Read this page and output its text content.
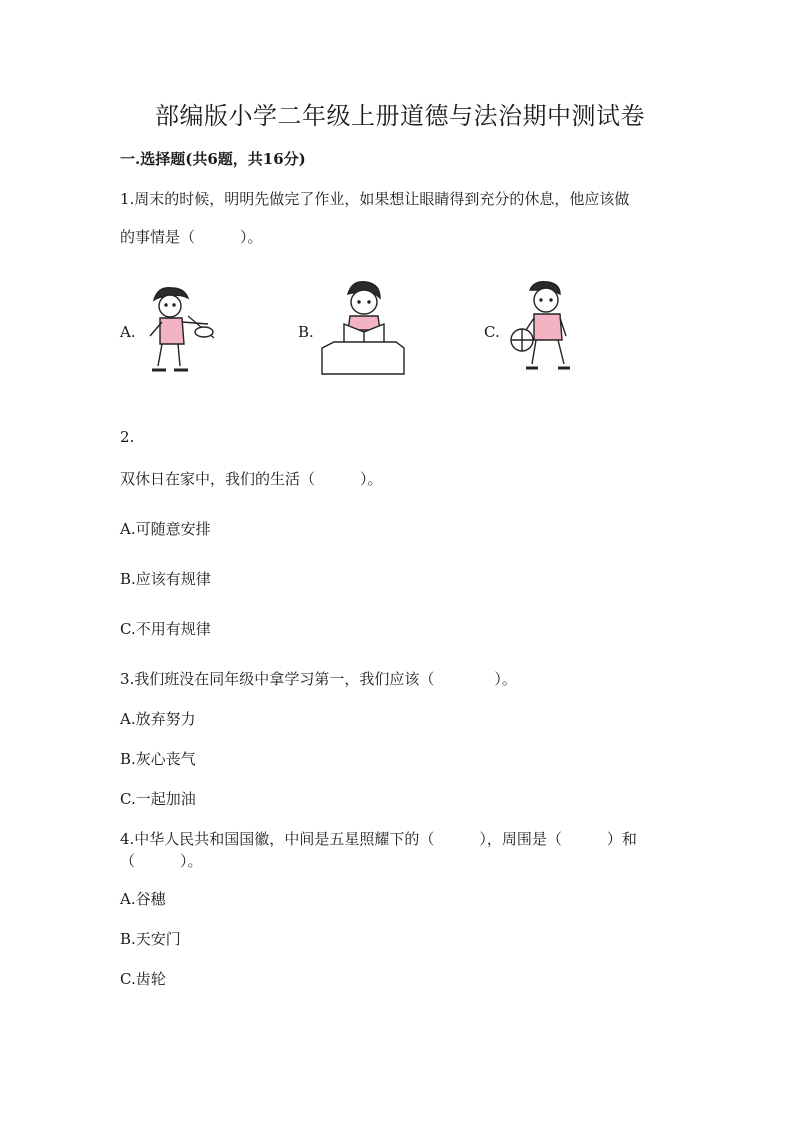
部编版小学二年级上册道德与法治期中测试卷
一.选择题(共6题，共16分)
1.周末的时候，明明先做完了作业，如果想让眼睛得到充分的休息，他应该做
的事情是（　　　）。
A.	B.	C.
2.
双休日在家中，我们的生活（　　　）。
A.可随意安排
B.应该有规律
C.不用有规律
3.我们班没在同年级中拿学习第一，我们应该（　　　　）。
A.放弃努力
B.灰心丧气
C.一起加油
4.中华人民共和国国徽，中间是五星照耀下的（　　　），周围是（　　　）和
（　　　）。
A.谷穗
B.天安门
C.齿轮
